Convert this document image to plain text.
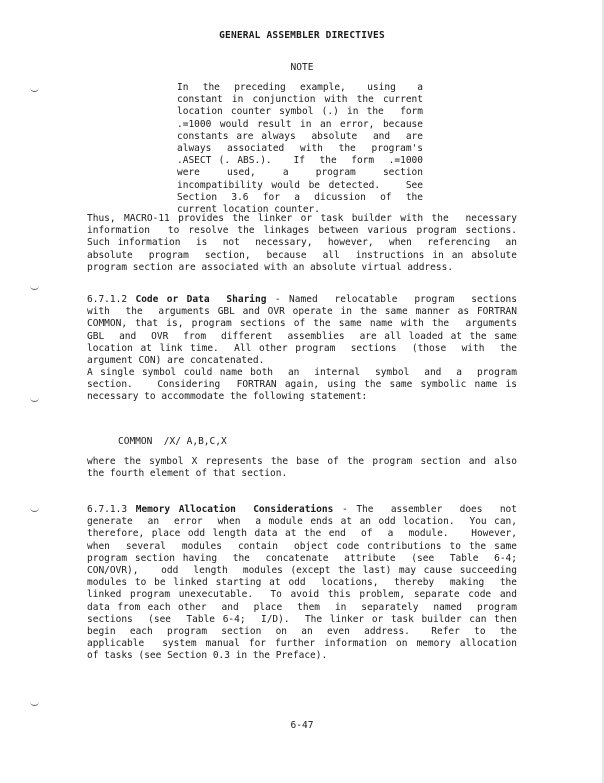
GENERAL ASSEMBLER DIRECTIVES
NOTE
In  the  preceding  example,   using   a
constant in conjunction with the current
location counter symbol (.) in the  form
.=1000 would result in an error, because
constants are always  absolute  and  are
always  associated  with  the  program's
.ASECT (. ABS.).   If  the  form  .=1000
were    used,    a    program    section
incompatibility would be detected.   See
Section  3.6  for  a  dicussion  of  the
current location counter.
Thus, MACRO-11 provides the linker or task builder with the  necessary
information  to resolve the linkages between various program sections.
Such information  is  not  necessary,  however,  when  referencing  an
absolute  program  section,  because  all  instructions in an absolute
program section are associated with an absolute virtual address.
6.7.1.2 Code or Data  Sharing - Named  relocatable  program  sections
with  the  arguments GBL and OVR operate in the same manner as FORTRAN
COMMON, that is, program sections of the same name with the  arguments
GBL  and  OVR  from  different  assemblies  are all loaded at the same
location at link time.  All other program  sections  (those  with  the
argument CON) are concatenated.
A single symbol could name both  an  internal  symbol  and  a  program
section.   Considering  FORTRAN again, using the same symbolic name is
necessary to accommodate the following statement:
COMMON  /X/ A,B,C,X
where the symbol X represents the base of the program section and also
the fourth element of that section.
6.7.1.3 Memory Allocation  Considerations - The  assembler  does  not
generate  an  error  when  a module ends at an odd location.  You can,
therefore, place odd length data at the end  of  a  module.   However,
when  several  modules  contain  object code contributions to the same
program section having  the  concatenate  attribute  (see  Table  6-4;
CON/OVR),   odd  length  modules (except the last) may cause succeeding
modules to be linked starting at odd  locations,  thereby  making  the
linked program unexecutable.  To avoid this problem, separate code and
data from each other  and  place  them  in  separately  named  program
sections  (see  Table 6-4;  I/D).  The linker or task builder can then
begin  each  program  section  on  an  even  address.   Refer  to  the
applicable  system manual for further information on memory allocation
of tasks (see Section 0.3 in the Preface).
6-47
